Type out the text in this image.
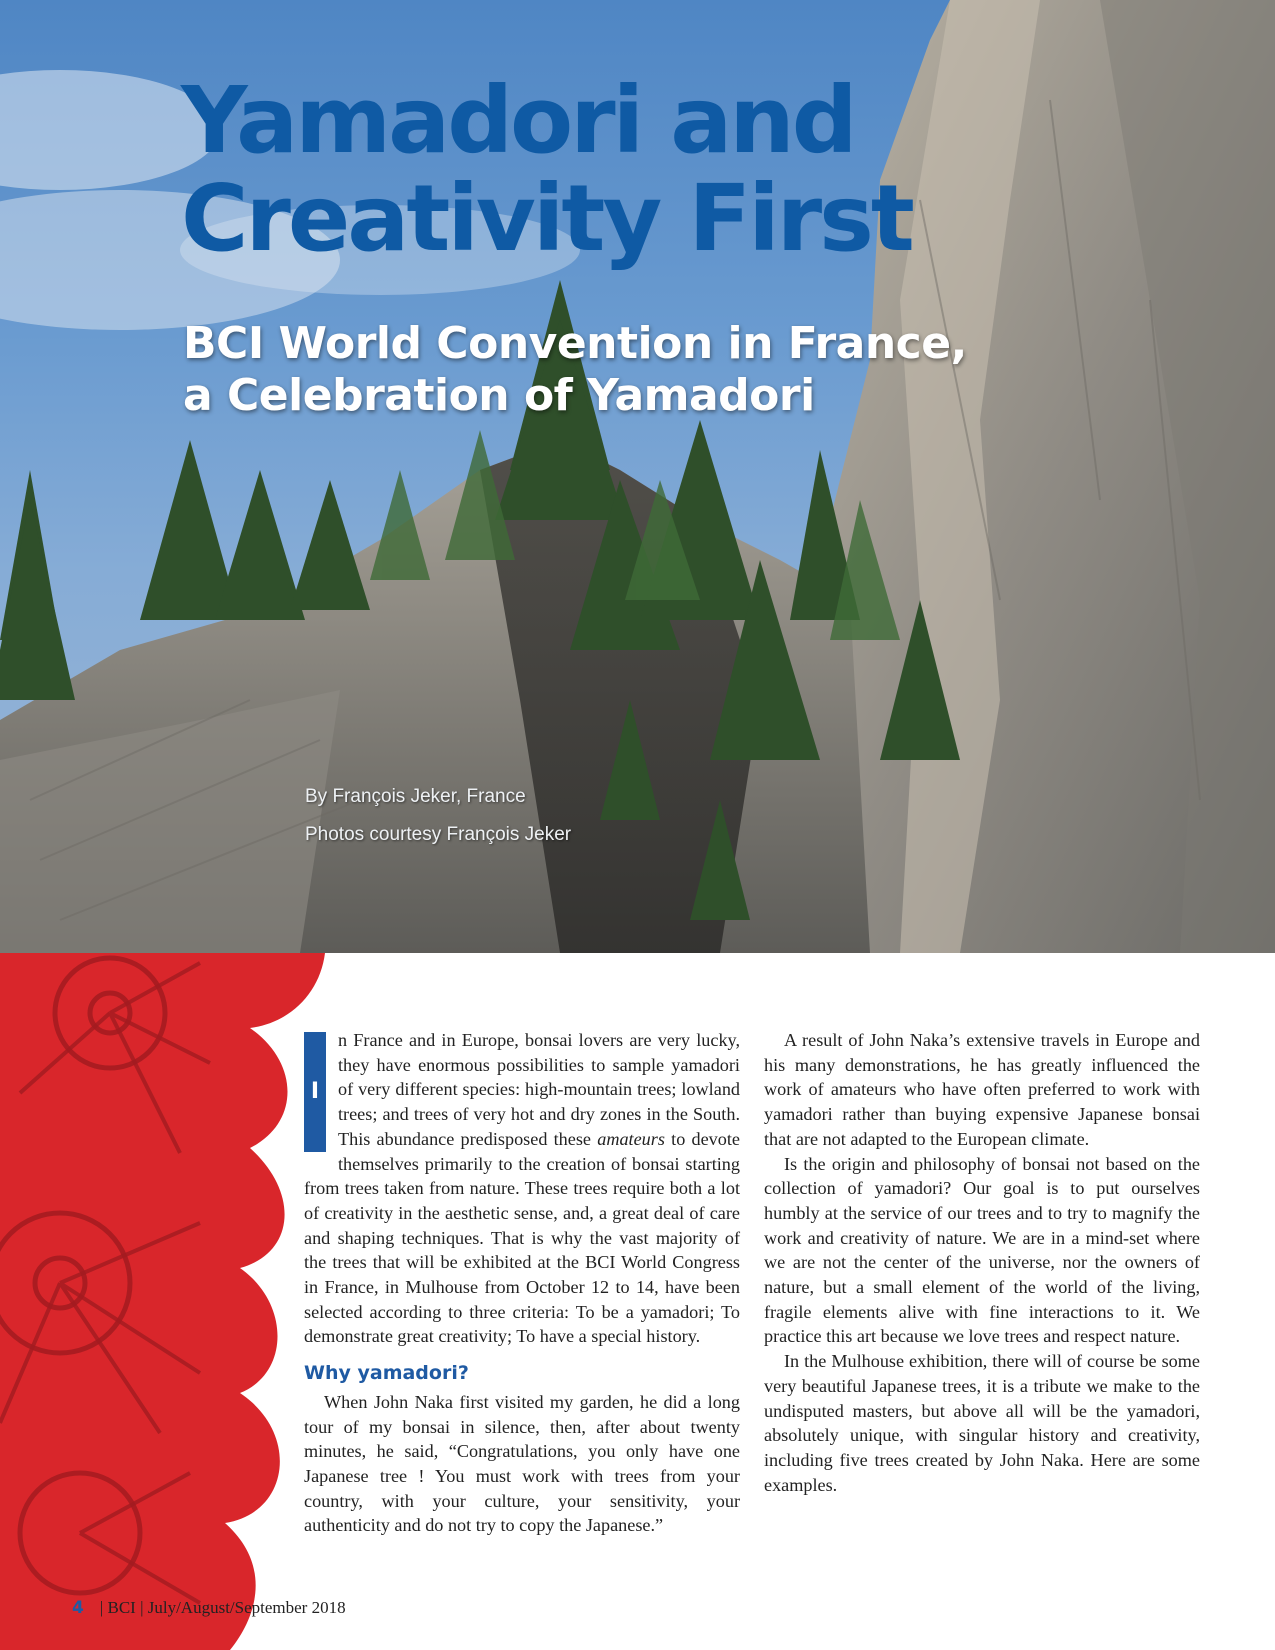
Yamadori and
Creativity First
BCI World Convention in France,
a Celebration of Yamadori
By François Jeker, France
Photos courtesy François Jeker

I
n France and in Europe, bonsai lovers are very lucky, they have enormous possibilities to sample yamadori of very different species: high-mountain trees; lowland trees; and trees of very hot and dry zones in the South. This abundance predisposed these amateurs to devote themselves primarily to the creation of bonsai starting from trees taken from nature. These trees require both a lot of creativity in the aesthetic sense, and, a great deal of care and shaping techniques. That is why the vast majority of the trees that will be exhibited at the BCI World Congress in France, in Mulhouse from October 12 to 14, have been selected according to three criteria: To be a yamadori; To demonstrate great creativity; To have a special history.

Why yamadori?

When John Naka first visited my garden, he did a long tour of my bonsai in silence, then, after about twenty minutes, he said, “Congratulations, you only have one Japanese tree ! You must work with trees from your country, with your culture, your sensitivity, your authenticity and do not try to copy the Japanese.”

A result of John Naka’s extensive travels in Europe and his many demonstrations, he has greatly influenced the work of amateurs who have often preferred to work with yamadori rather than buying expensive Japanese bonsai that are not adapted to the European climate.

Is the origin and philosophy of bonsai not based on the collection of yamadori? Our goal is to put ourselves humbly at the service of our trees and to try to magnify the work and creativity of nature. We are in a mind-set where we are not the center of the universe, nor the owners of nature, but a small element of the world of the living, fragile elements alive with fine interactions to it. We practice this art because we love trees and respect nature.

In the Mulhouse exhibition, there will of course be some very beautiful Japanese trees, it is a tribute we make to the undisputed masters, but above all will be the yamadori, absolutely unique, with singular history and creativity, including five trees created by John Naka. Here are some examples.

4 | BCI | July/August/September 2018
